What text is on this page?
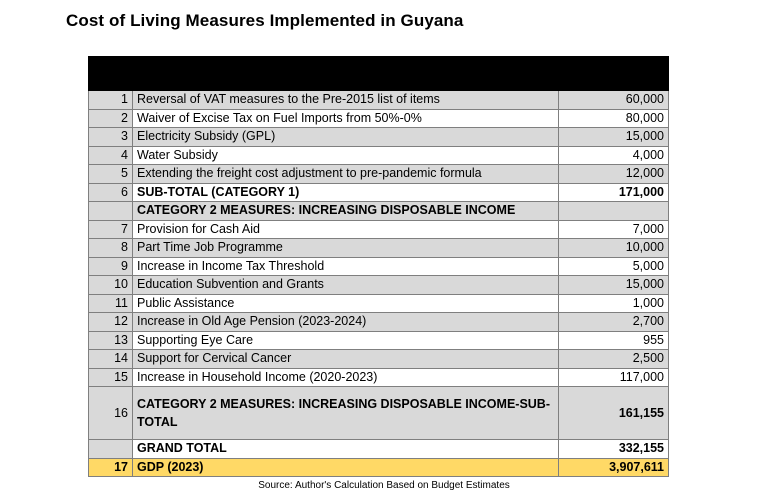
Cost of Living Measures Implemented in Guyana

1	Reversal of VAT measures to the Pre-2015 list of items	60,000
2	Waiver of Excise Tax on Fuel Imports from 50%-0%	80,000
3	Electricity Subsidy (GPL)	15,000
4	Water Subsidy	4,000
5	Extending the freight cost adjustment to pre-pandemic formula	12,000
6	SUB-TOTAL (CATEGORY 1)	171,000
	CATEGORY 2 MEASURES: INCREASING DISPOSABLE INCOME	
7	Provision for Cash Aid	7,000
8	Part Time Job Programme	10,000
9	Increase in Income Tax Threshold	5,000
10	Education Subvention and Grants	15,000
11	Public Assistance	1,000
12	Increase in Old Age Pension (2023-2024)	2,700
13	Supporting Eye Care	955
14	Support for Cervical Cancer	2,500
15	Increase in Household Income (2020-2023)	117,000
16	CATEGORY 2 MEASURES: INCREASING DISPOSABLE INCOME-SUB-TOTAL	161,155
	GRAND TOTAL	332,155
17	GDP (2023)	3,907,611
Source: Author's Calculation Based on Budget Estimates
